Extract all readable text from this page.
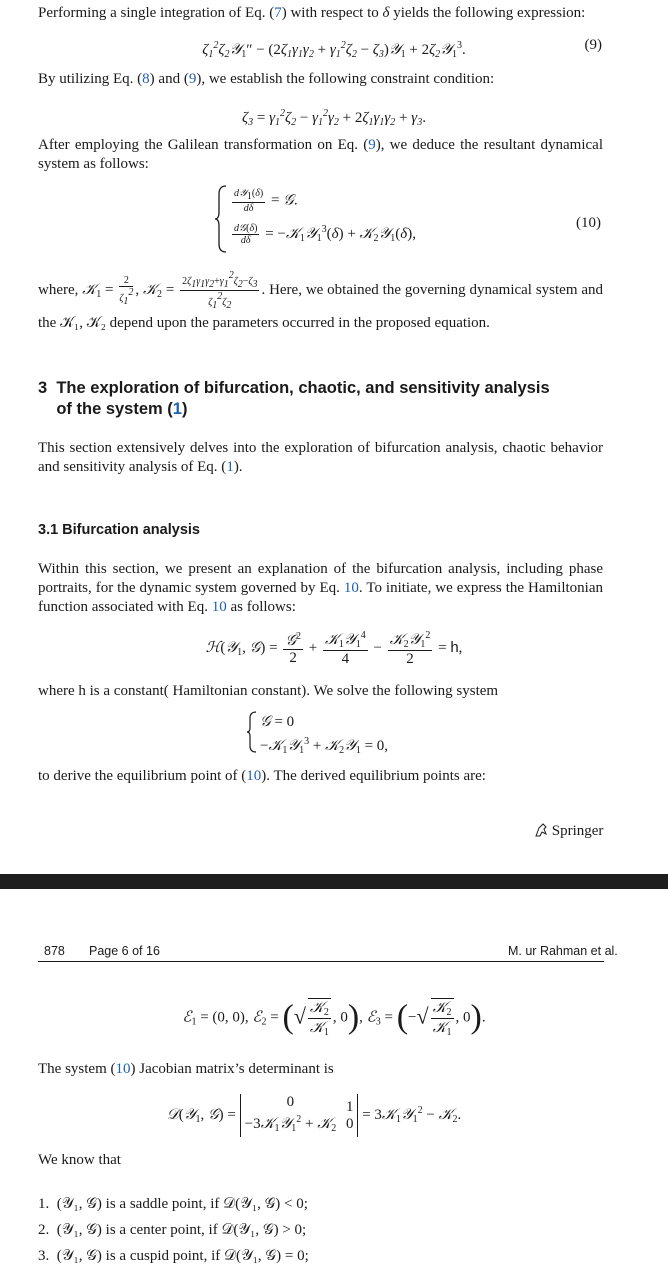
Performing a single integration of Eq. (7) with respect to δ yields the following expression:
$\zeta_1^2\zeta_2𝒴_1'' - (2\zeta_1\gamma_1\gamma_2 + \gamma_1^2\zeta_2$ − $\zeta_3)𝒴_1$ + $2\zeta_2𝒴_1^3$.	(9)
By utilizing Eq. (8) and (9), we establish the following constraint condition:
$\zeta_3 = \gamma_1^2\zeta_2 - \gamma_1^2\gamma_2 + 2\zeta_1\gamma_1\gamma_2 + \gamma_3$.
After employing the Galilean transformation on Eq. (9), we deduce the resultant dynamical system as follows:
$\frac{\text{d𝒴1(δ)}}{d\delta}$ = 𝒢.
$\frac{\text{d𝒢(δ)}}{d\delta}$ = −𝒦$_1$𝒴$_1^3$(δ) + 𝒦$_2$𝒴$_1$(δ),
(10)
where, 𝒦$_1$ = $\frac{2}{\zeta 12}$ , 𝒦$_2$ = $\frac{2\zeta 1\gamma 1\gamma 2+\gamma 12\zeta 2-\zeta 3}{\zeta 12\zeta 2}$ . Here, we obtained the governing dynamical system and the 𝒦₁, 𝒦₂ depend upon the parameters occurred in the proposed equation.
3  The exploration of bifurcation, chaotic, and sensitivity analysis
of the system (1)
This section extensively delves into the exploration of bifurcation analysis, chaotic behavior and sensitivity analysis of Eq. (1).
3.1 Bifurcation analysis
Within this section, we present an explanation of the bifurcation analysis, including phase portraits, for the dynamic system governed by Eq. 10. To initiate, we express the Hamiltonian function associated with Eq. 10 as follows:
ℋ(𝒴$_1$, 𝒢) = $\frac{𝒢^2}{2} + \frac{𝒦_1𝒴_1^4}{4} - \frac{𝒦_2𝒴_1^2}{2} = h$,
where h is a constant( Hamiltonian constant). We solve the following system
𝒢 = 0
−𝒦$_1$𝒴$_1^3$ + 𝒦$_2$𝒴$_1$ = 0,
to derive the equilibrium point of (10). The derived equilibrium points are:
Springer
878 Page 6 of 16	M. ur Rahman et al.
ℰ$_1$ = (0, 0), ℰ$_2$ = (√ $\frac{𝒦_2}{𝒦_1}$ , 0), ℰ$_3$ = (−√ $\frac{𝒦_2}{𝒦_1}$ , 0).
The system (10) Jacobian matrix’s determinant is
𝒟(𝒴$_1$, 𝒢) = 0
−3𝒦$_1$𝒴$_1^2$ + 𝒦$_2$ 1
0 = 3𝒦$_1$𝒴$_1^2$ − 𝒦$_2$.
We know that
1. (𝒴₁, 𝒢) is a saddle point, if 𝒟(𝒴₁, 𝒢) < 0;
2. (𝒴₁, 𝒢) is a center point, if 𝒟(𝒴₁, 𝒢) > 0;
3. (𝒴₁, 𝒢) is a cuspid point, if 𝒟(𝒴₁, 𝒢) = 0;
